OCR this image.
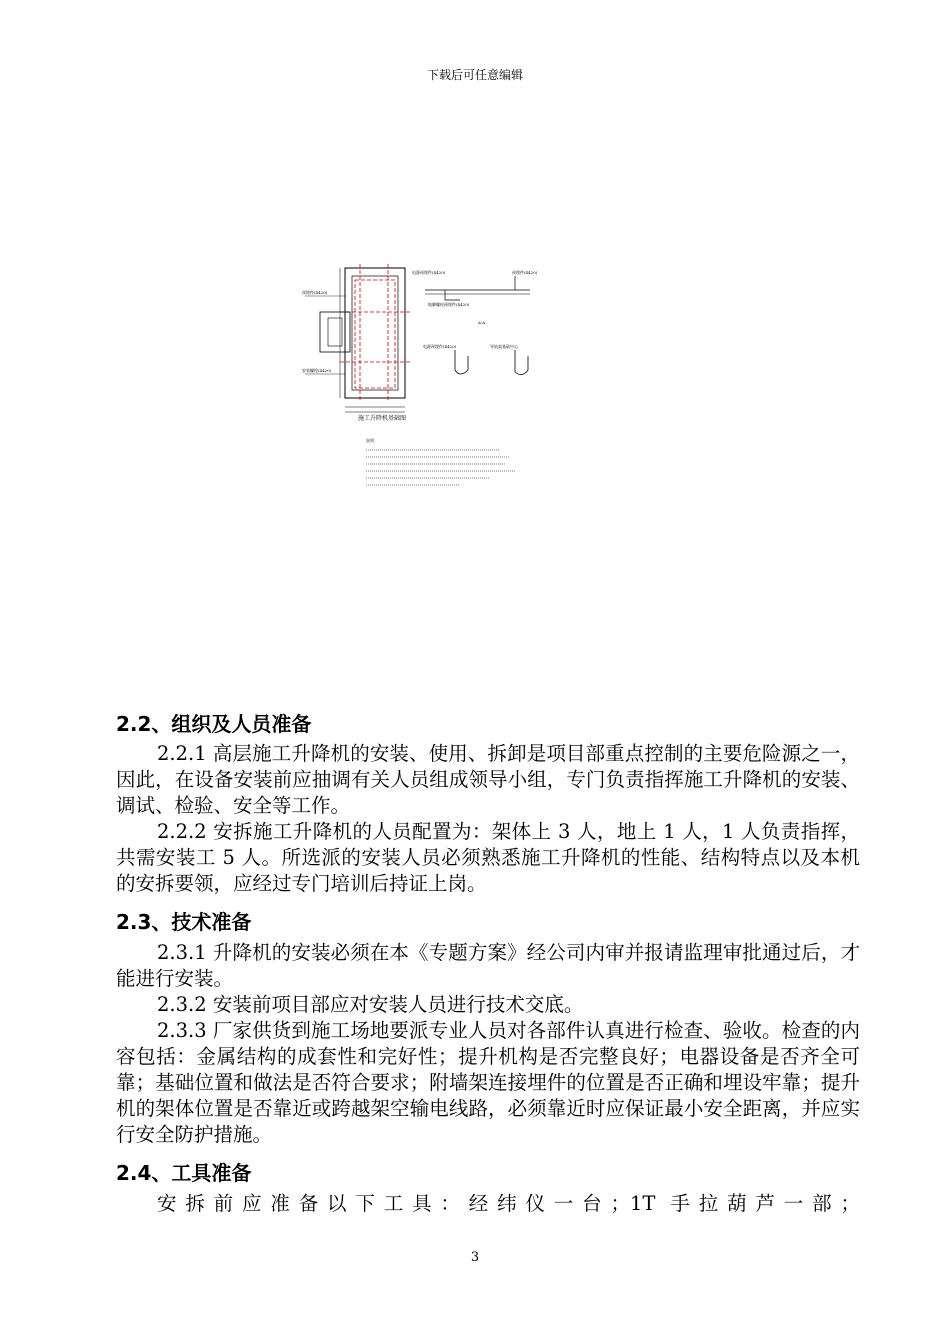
下载后可任意编辑
预埋件(4420)
安装螺栓(4420)
施工升降机基础图
电源预埋件(4420)	预埋件(4420)
地脚螺栓预埋件(4420)
A-A
电源预埋件(4420)	导轨架基础中心
说明
2.2、组织及人员准备

2.2.1 高层施工升降机的安装、使用、拆卸是项目部重点控制的主要危险源之一，因此，在设备安装前应抽调有关人员组成领导小组，专门负责指挥施工升降机的安装、调试、检验、安全等工作。

2.2.2 安拆施工升降机的人员配置为：架体上 3 人，地上 1 人，1 人负责指挥，共需安装工 5 人。所选派的安装人员必须熟悉施工升降机的性能、结构特点以及本机的安拆要领，应经过专门培训后持证上岗。

2.3、技术准备

2.3.1 升降机的安装必须在本《专题方案》经公司内审并报请监理审批通过后，才能进行安装。

2.3.2 安装前项目部应对安装人员进行技术交底。

2.3.3 厂家供货到施工场地要派专业人员对各部件认真进行检查、验收。检查的内容包括：金属结构的成套性和完好性；提升机构是否完整良好；电器设备是否齐全可靠；基础位置和做法是否符合要求；附墙架连接埋件的位置是否正确和埋设牢靠；提升机的架体位置是否靠近或跨越架空输电线路，必须靠近时应保证最小安全距离，并应实行安全防护措施。

2.4、工具准备

安拆前应准备以下工具：经纬仪一台；1T 手拉葫芦一部；

3
